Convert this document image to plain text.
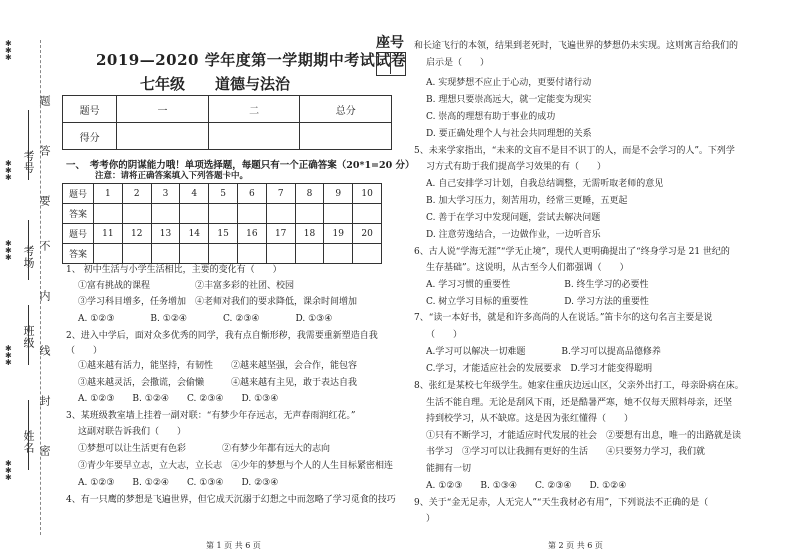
✱
✱
✱
✱
✱
✱
✱
✱
✱
✱
✱
✱
✱
✱
✱
题
答
要
不
内
线
封
密
考号
考场
班级
姓名
2019—2020 学年度第一学期期中考试试卷
七年级　　道德与法治
座号
题号	一	二	总分
得分			
一、　考考你的阴谋能力哦！单项选择题，每题只有一个正确答案（20*1=20 分）
注意：请将正确答案填入下列答题卡中。
题号	1	2	3	4	5	6	7	8	9	10
答案										
题号	11	12	13	14	15	16	17	18	19	20
答案										
1、 初中生活与小学生活相比，主要的变化有（　　）
①富有挑战的课程　　　　　②丰富多彩的社团、校园
③学习科目增多，任务增加　④老师对我们的要求降低，课余时间增加
A. ①②③　　　　B. ①②④　　　　C. ②③④　　　　D. ①③④
2、进入中学后，面对众多优秀的同学，我有点自惭形秽，我需要重新塑造自我
（　　）
①越来越有活力，能坚持，有韧性　　②越来越坚强，会合作，能包容
③越来越灵活，会撒谎，会偷懒　　　④越来越有主见，敢于表达自我
A. ①②③　　B. ①②④　　C. ②③④　　D. ①③④
3、某班级教室墙上挂着一副对联：“有梦少年存远志，无声春雨润红花。”
这副对联告诉我们（　　）
①梦想可以让生活更有色彩　　　　②有梦少年都有远大的志向
③青少年要早立志，立大志，立长志　④少年的梦想与个人的人生目标紧密相连
A. ①②③　　B. ①②④　　C. ①③④　　D. ②③④
4、有一只鹰的梦想是飞遍世界，但它成天沉溺于幻想之中而忽略了学习觅食的技巧
和长途飞行的本领，结果到老死时，飞遍世界的梦想仍未实现。这则寓言给我们的
启示是（　　）
A. 实现梦想不应止于心动，更要付诸行动
B. 理想只要崇高远大，就一定能变为现实
C. 崇高的理想有助于事业的成功
D. 要正确处理个人与社会共同理想的关系
5、未来学家指出，“未来的文盲不是目不识丁的人，而是不会学习的人”。下列学
习方式有助于我们提高学习效果的有（　　）
A. 自己安排学习计划，自我总结调整，无需听取老师的意见
B. 加大学习压力，刻苦用功，经常三更睡，五更起
C. 善于在学习中发现问题，尝试去解决问题
D. 注意劳逸结合，一边做作业，一边听音乐
6、古人说“学海无涯”“学无止境”，现代人更明确提出了“终身学习是 21 世纪的
生存基础”。这说明，从古至今人们都强调（　　）
A. 学习习惯的重要性　　　　　　B. 终生学习的必要性
C. 树立学习目标的重要性　　　　D. 学习方法的重要性
7、“读一本好书，就是和许多高尚的人在说话。”笛卡尔的这句名言主要是说
（　　）
A.学习可以解决一切难题　　　　B.学习可以提高品德修养
C.学习，才能适应社会的发展要求　D.学习才能变得聪明
8、张红是某校七年级学生。她家住重庆边远山区，父亲外出打工，母亲卧病在床。
生活不能自理。无论是刮风下雨，还是酷暑严寒，她不仅每天照料母亲，还坚
持到校学习，从不缺席。这是因为张红懂得（　　）
①只有不断学习，才能适应时代发展的社会　②要想有出息，唯一的出路就是读
书学习　③学习可以让我拥有更好的生活　　④只要努力学习，我们就
能拥有一切
A. ①②③　　B. ①③④　　C. ②③④　　D. ①②④
9、关于“金无足赤，人无完人”“天生我材必有用”，下列说法不正确的是（
）
第 1 页 共 6 页	第 2 页 共 6 页
